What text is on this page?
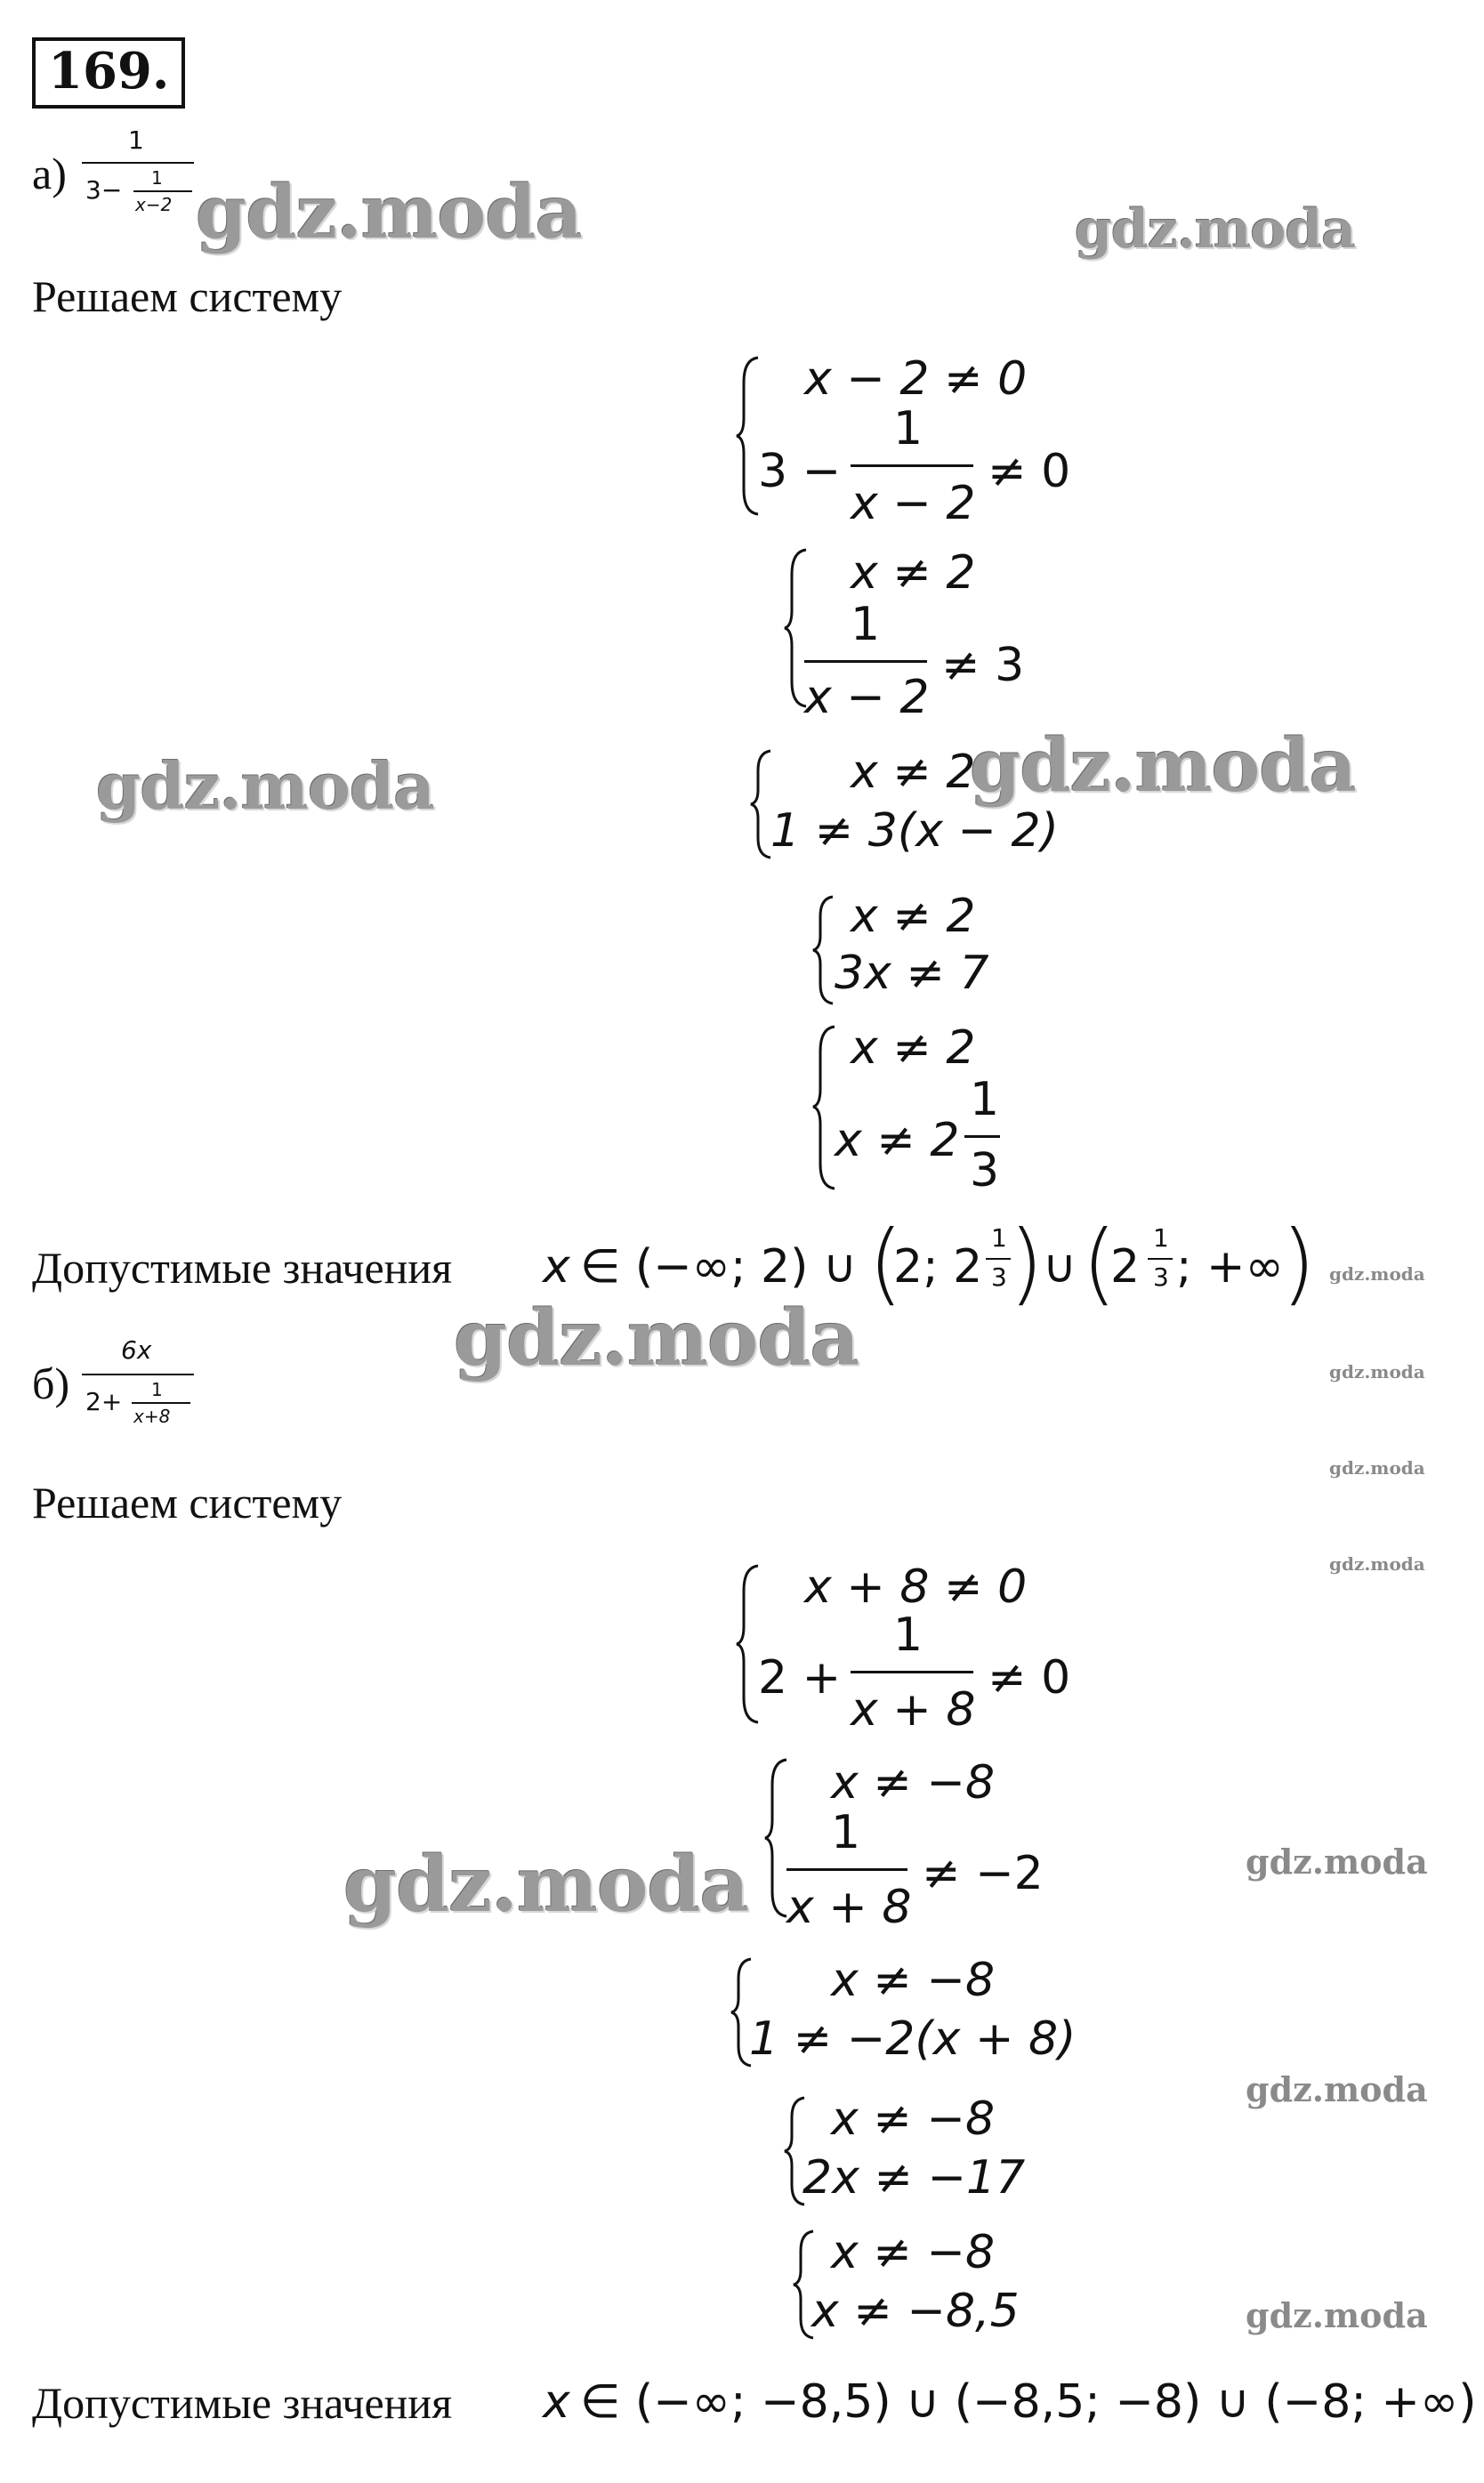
169.
а)
1
3− 1
x−2 gdz.moda	gdz.moda
Решаем систему
x − 2 ≠ 0
3 −
1
x − 2
≠ 0
x ≠ 2
1
x − 2
≠ 3
x ≠ 2
1 ≠ 3(x − 2)
gdz.moda
gdz.moda
x ≠ 2
3x ≠ 7
x ≠ 2
x ≠ 2
1
3
Допустимые значения x ∈ (−∞; 2) ∪ (
2; 2
1
3 )
∪ (
2
1
3 ; +∞
) gdz.moda
gdz.moda
б)
6x
2+ 1
x+8
gdz.moda
gdz.moda
gdz.moda
Решаем систему
x + 8 ≠ 0
2 +
1
x + 8
≠ 0
x ≠ −8
1
x + 8
≠ −2
gdz.moda	gdz.moda
x ≠ −8
1 ≠ −2(x + 8)
gdz.moda
x ≠ −8
2x ≠ −17
x ≠ −8
x ≠ −8,5	gdz.moda
Допустимые значения x ∈ (−∞; −8,5) ∪ (−8,5; −8) ∪ (−8; +∞)
